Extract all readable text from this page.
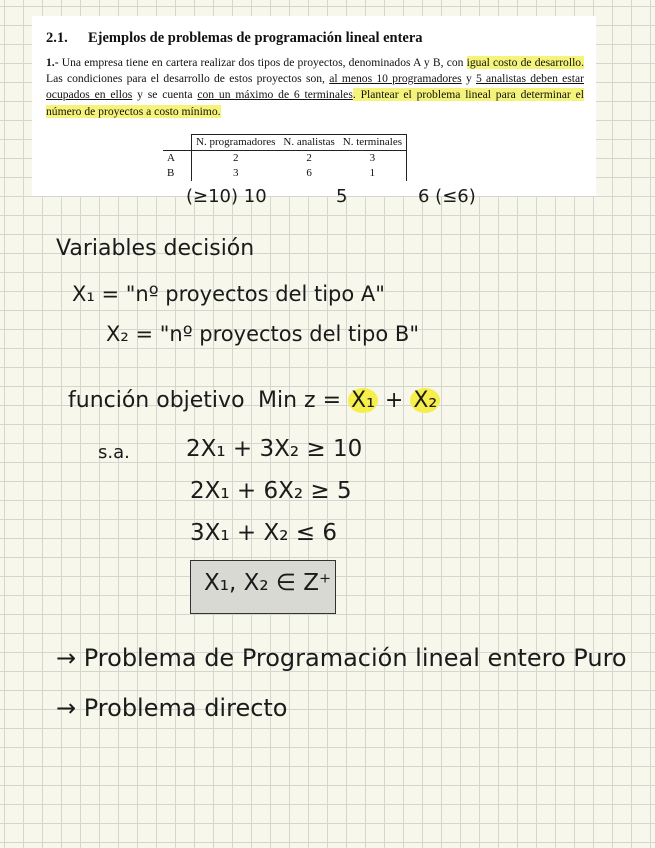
2.1. Ejemplos de problemas de programación lineal entera
1.- Una empresa tiene en cartera realizar dos tipos de proyectos, denominados A y B, con igual costo de desarrollo. Las condiciones para el desarrollo de estos proyectos son, al menos 10 programadores y 5 analistas deben estar ocupados en ellos y se cuenta con un máximo de 6 terminales. Plantear el problema lineal para determinar el número de proyectos a costo mínimo.
	N. programadores	N. analistas	N. terminales
A	2	2	3
B	3	6	1
(≥10) 10	5	6 (≤6)
Variables decisión
X₁ = "nº proyectos del tipo A"
X₂ = "nº proyectos del tipo B"
función objetivo Min z = X₁ + X₂
s.a. 2X₁ + 3X₂ ≥ 10
2X₁ + 6X₂ ≥ 5
3X₁ + X₂ ≤ 6
X₁, X₂ ∈ Z⁺
→ Problema de Programación lineal entero Puro
→ Problema directo
